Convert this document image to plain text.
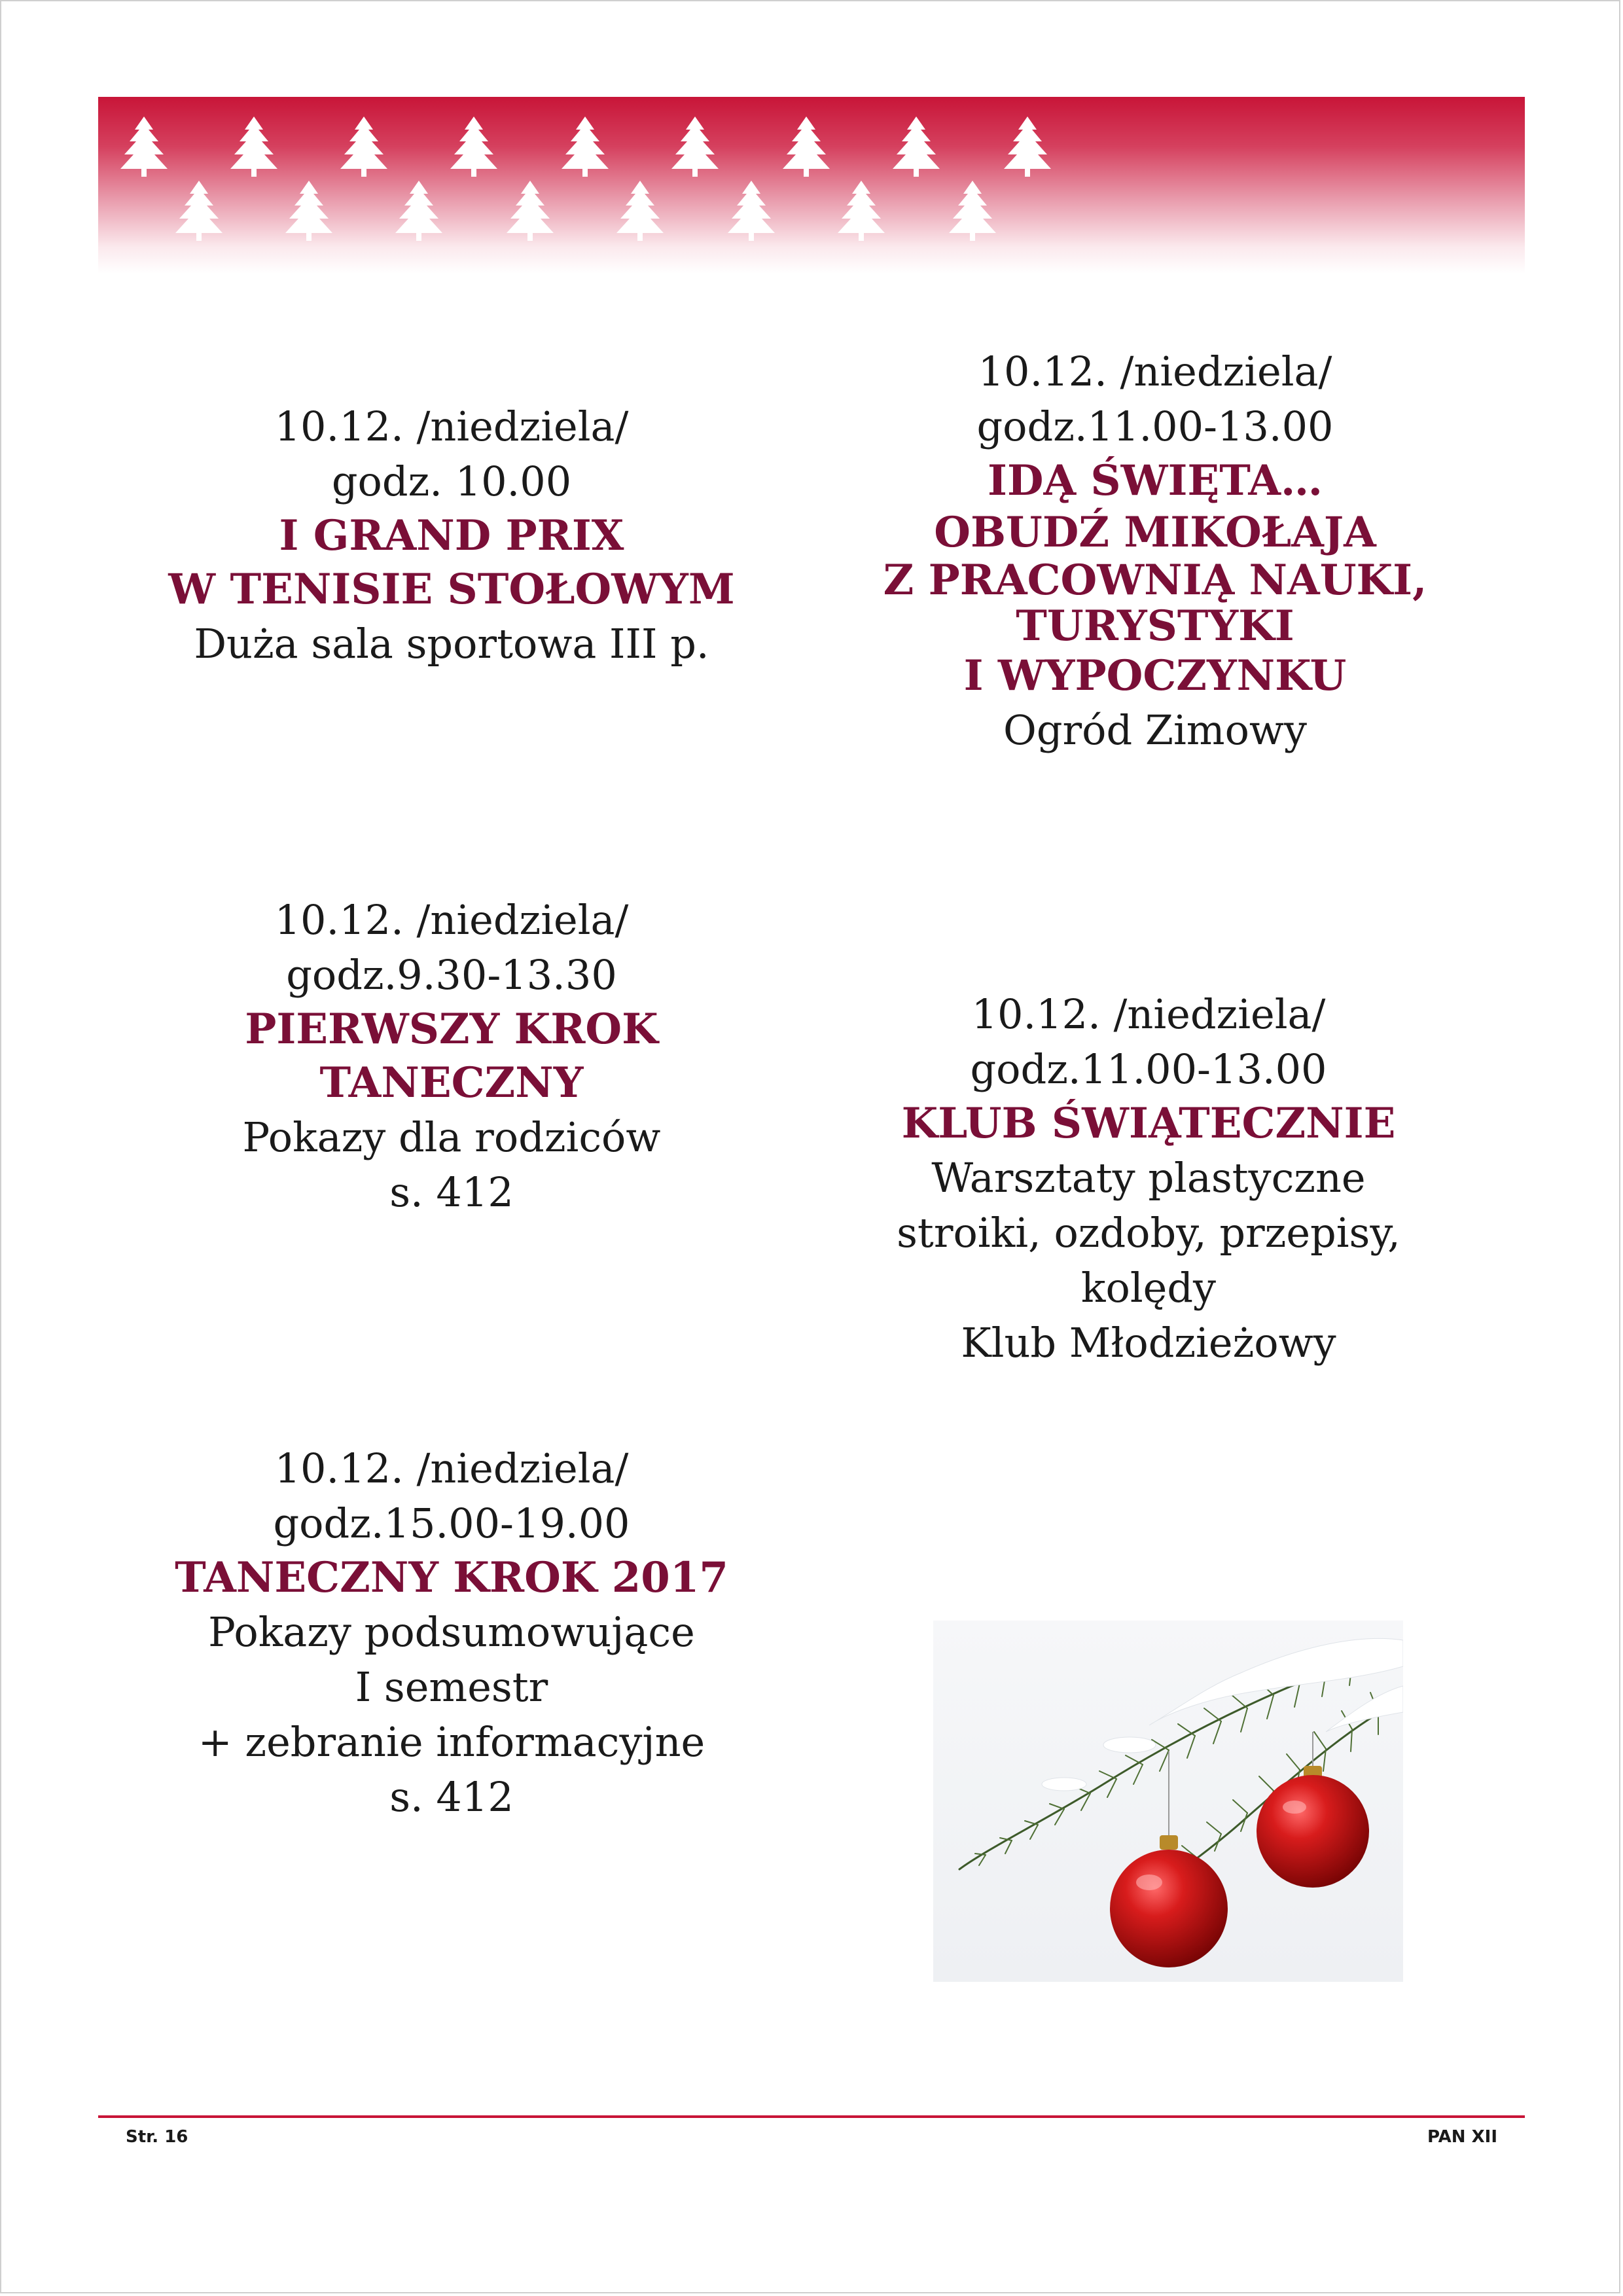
10.12. /niedziela/
godz. 10.00
I GRAND PRIX
W TENISIE STOŁOWYM
Duża sala sportowa III p.
10.12. /niedziela/
godz.11.00-13.00
IDĄ ŚWIĘTA…
OBUDŹ MIKOŁAJA
Z PRACOWNIĄ NAUKI,
TURYSTYKI
I WYPOCZYNKU
Ogród Zimowy
10.12. /niedziela/
godz.9.30-13.30
PIERWSZY KROK
TANECZNY
Pokazy dla rodziców
s. 412
10.12. /niedziela/
godz.11.00-13.00
KLUB ŚWIĄTECZNIE
Warsztaty plastyczne
stroiki, ozdoby, przepisy,
kolędy
Klub Młodzieżowy
10.12. /niedziela/
godz.15.00-19.00
TANECZNY KROK 2017
Pokazy podsumowujące
I semestr
+ zebranie informacyjne
s. 412
Str. 16	PAN XII
